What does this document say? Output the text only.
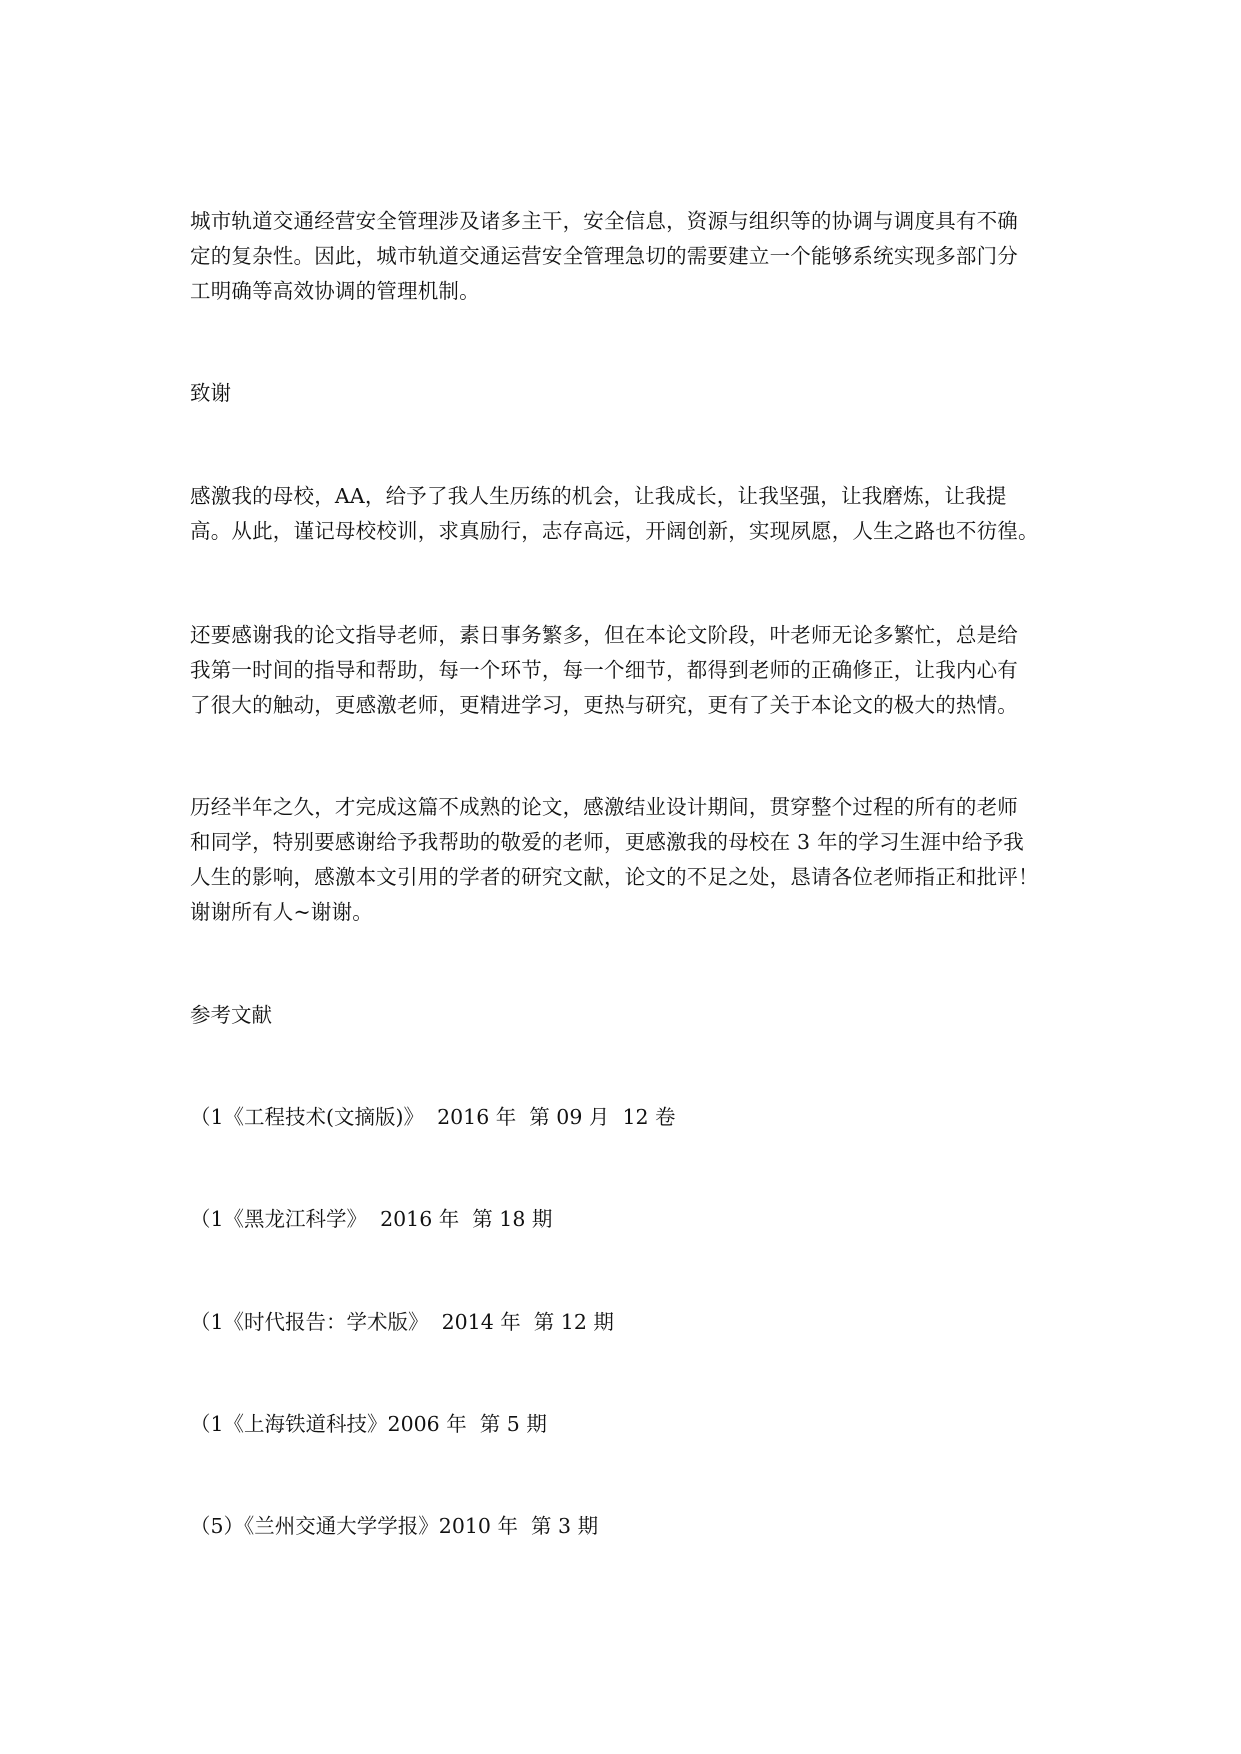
城市轨道交通经营安全管理涉及诸多主干，安全信息，资源与组织等的协调与调度具有不确
定的复杂性。因此，城市轨道交通运营安全管理急切的需要建立一个能够系统实现多部门分
工明确等高效协调的管理机制。
致谢
感激我的母校，AA，给予了我人生历练的机会，让我成长，让我坚强，让我磨炼，让我提
高。从此，谨记母校校训，求真励行，志存高远，开阔创新，实现夙愿，人生之路也不彷徨。
还要感谢我的论文指导老师，素日事务繁多，但在本论文阶段，叶老师无论多繁忙，总是给
我第一时间的指导和帮助，每一个环节，每一个细节，都得到老师的正确修正，让我内心有
了很大的触动，更感激老师，更精进学习，更热与研究，更有了关于本论文的极大的热情。
历经半年之久，才完成这篇不成熟的论文，感激结业设计期间，贯穿整个过程的所有的老师
和同学，特别要感谢给予我帮助的敬爱的老师，更感激我的母校在 3 年的学习生涯中给予我
人生的影响，感激本文引用的学者的研究文献，论文的不足之处，恳请各位老师指正和批评！
谢谢所有人~谢谢。
参考文献

（1《工程技术(文摘版)》  2016 年  第 09 月  12 卷

（1《黑龙江科学》  2016 年  第 18 期

（1《时代报告：学术版》  2014 年  第 12 期

（1《上海铁道科技》2006 年  第 5 期

（5）《兰州交通大学学报》2010 年  第 3 期
